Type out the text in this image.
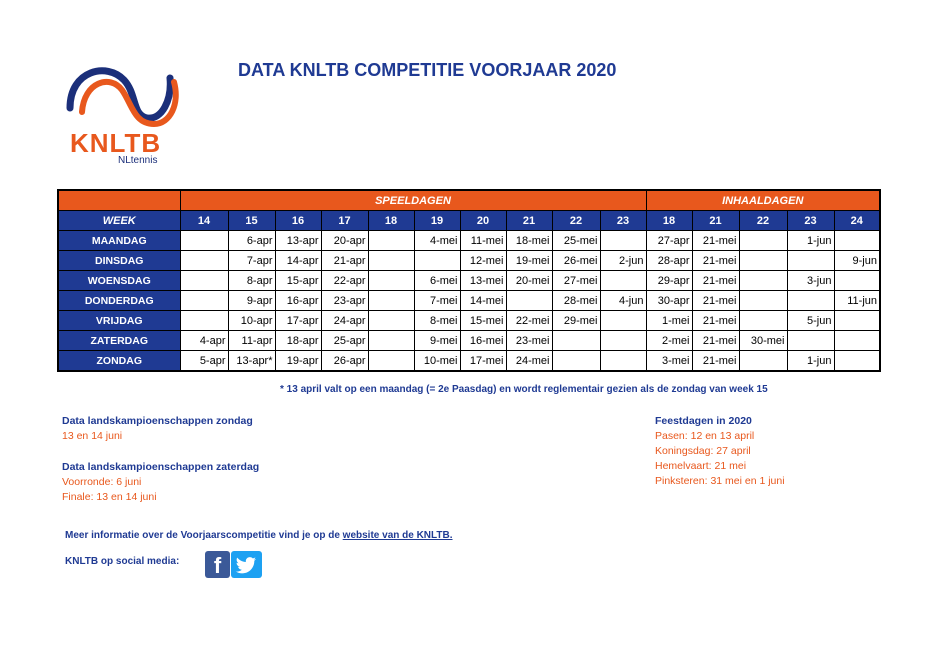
KNLTB
NLtennis
DATA KNLTB COMPETITIE VOORJAAR 2020
	SPEELDAGEN										INHAALDAGEN				
WEEK	14	15	16	17	18	19	20	21	22	23	18	21	22	23	24
MAANDAG		6-apr	13-apr	20-apr		4-mei	11-mei	18-mei	25-mei		27-apr	21-mei		1-jun	
DINSDAG		7-apr	14-apr	21-apr			12-mei	19-mei	26-mei	2-jun	28-apr	21-mei			9-jun
WOENSDAG		8-apr	15-apr	22-apr		6-mei	13-mei	20-mei	27-mei		29-apr	21-mei		3-jun	
DONDERDAG		9-apr	16-apr	23-apr		7-mei	14-mei		28-mei	4-jun	30-apr	21-mei			11-jun
VRIJDAG		10-apr	17-apr	24-apr		8-mei	15-mei	22-mei	29-mei		1-mei	21-mei		5-jun	
ZATERDAG	4-apr	11-apr	18-apr	25-apr		9-mei	16-mei	23-mei			2-mei	21-mei	30-mei		
ZONDAG	5-apr	13-apr*	19-apr	26-apr		10-mei	17-mei	24-mei			3-mei	21-mei		1-jun	
* 13 april valt op een maandag (= 2e Paasdag) en wordt reglementair gezien als de zondag van week 15
Data landskampioenschappen zondag
13 en 14 juni
Data landskampioenschappen zaterdag
Voorronde: 6 juni
Finale: 13 en 14 juni
Feestdagen in 2020
Pasen: 12 en 13 april
Koningsdag: 27 april
Hemelvaart: 21 mei
Pinksteren: 31 mei en 1 juni
Meer informatie over de Voorjaarscompetitie vind je op de website van de KNLTB.
KNLTB op social media:	f
